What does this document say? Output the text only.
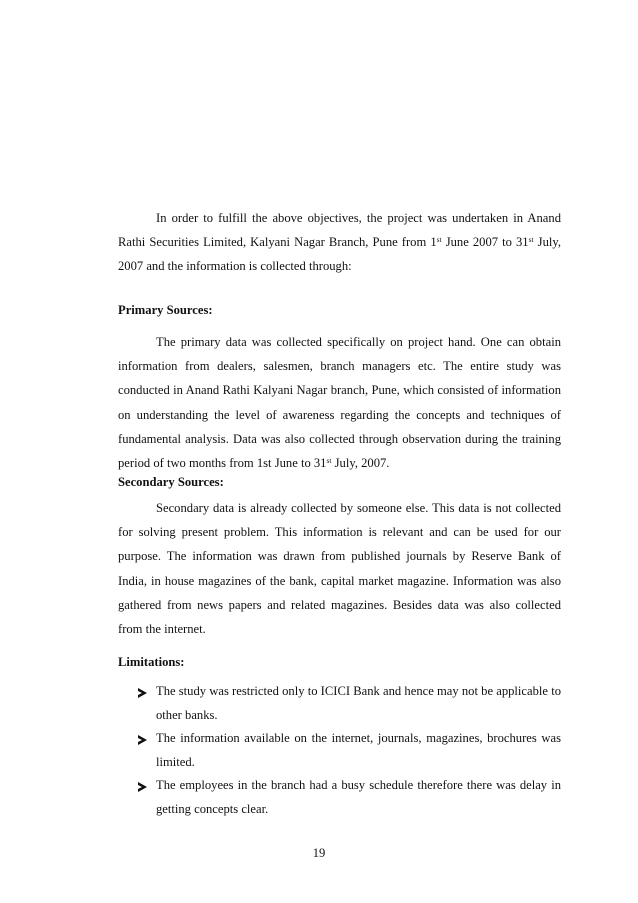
In order to fulfill the above objectives, the project was undertaken in Anand Rathi Securities Limited, Kalyani Nagar Branch, Pune from 1st June 2007 to 31st July, 2007 and the information is collected through:

Primary Sources:

The primary data was collected specifically on project hand. One can obtain information from dealers, salesmen, branch managers etc. The entire study was conducted in Anand Rathi Kalyani Nagar branch, Pune, which consisted of information on understanding the level of awareness regarding the concepts and techniques of fundamental analysis. Data was also collected through observation during the training period of two months from 1st June to 31st July, 2007.

Secondary Sources:

Secondary data is already collected by someone else. This data is not collected for solving present problem. This information is relevant and can be used for our purpose. The information was drawn from published journals by Reserve Bank of India, in house magazines of the bank, capital market magazine. Information was also gathered from news papers and related magazines. Besides data was also collected from the internet.

Limitations:

The study was restricted only to ICICI Bank and hence may not be applicable to other banks.
The information available on the internet, journals, magazines, brochures was limited.
The employees in the branch had a busy schedule therefore there was delay in getting concepts clear.

19
